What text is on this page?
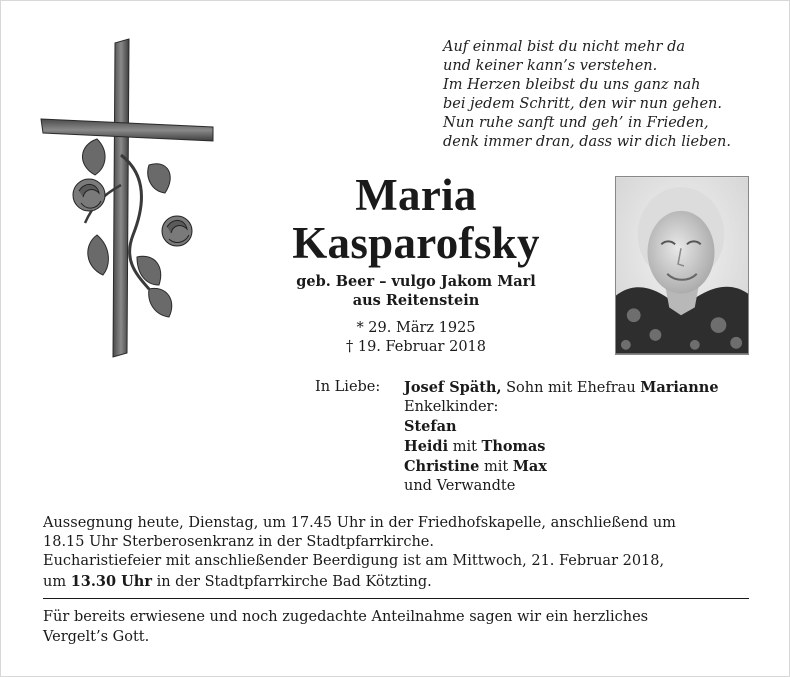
Auf einmal bist du nicht mehr da
und keiner kann’s verstehen.
Im Herzen bleibst du uns ganz nah
bei jedem Schritt, den wir nun gehen.
Nun ruhe sanft und geh’ in Frieden,
denk immer dran, dass wir dich lieben.
Maria
Kasparofsky
geb. Beer – vulgo Jakom Marl
aus Reitenstein
* 29. März 1925
† 19. Februar 2018
In Liebe: Josef Späth, Sohn mit Ehefrau Marianne
Enkelkinder:
Stefan
Heidi mit Thomas
Christine mit Max
und Verwandte
Aussegnung heute, Dienstag, um 17.45 Uhr in der Friedhofskapelle, anschließend um
18.15 Uhr Sterberosenkranz in der Stadtpfarrkirche.
Eucharistiefeier mit anschließender Beerdigung ist am Mittwoch, 21. Februar 2018,
um 13.30 Uhr in der Stadtpfarrkirche Bad Kötzting.
Für bereits erwiesene und noch zugedachte Anteilnahme sagen wir ein herzliches
Vergelt’s Gott.
